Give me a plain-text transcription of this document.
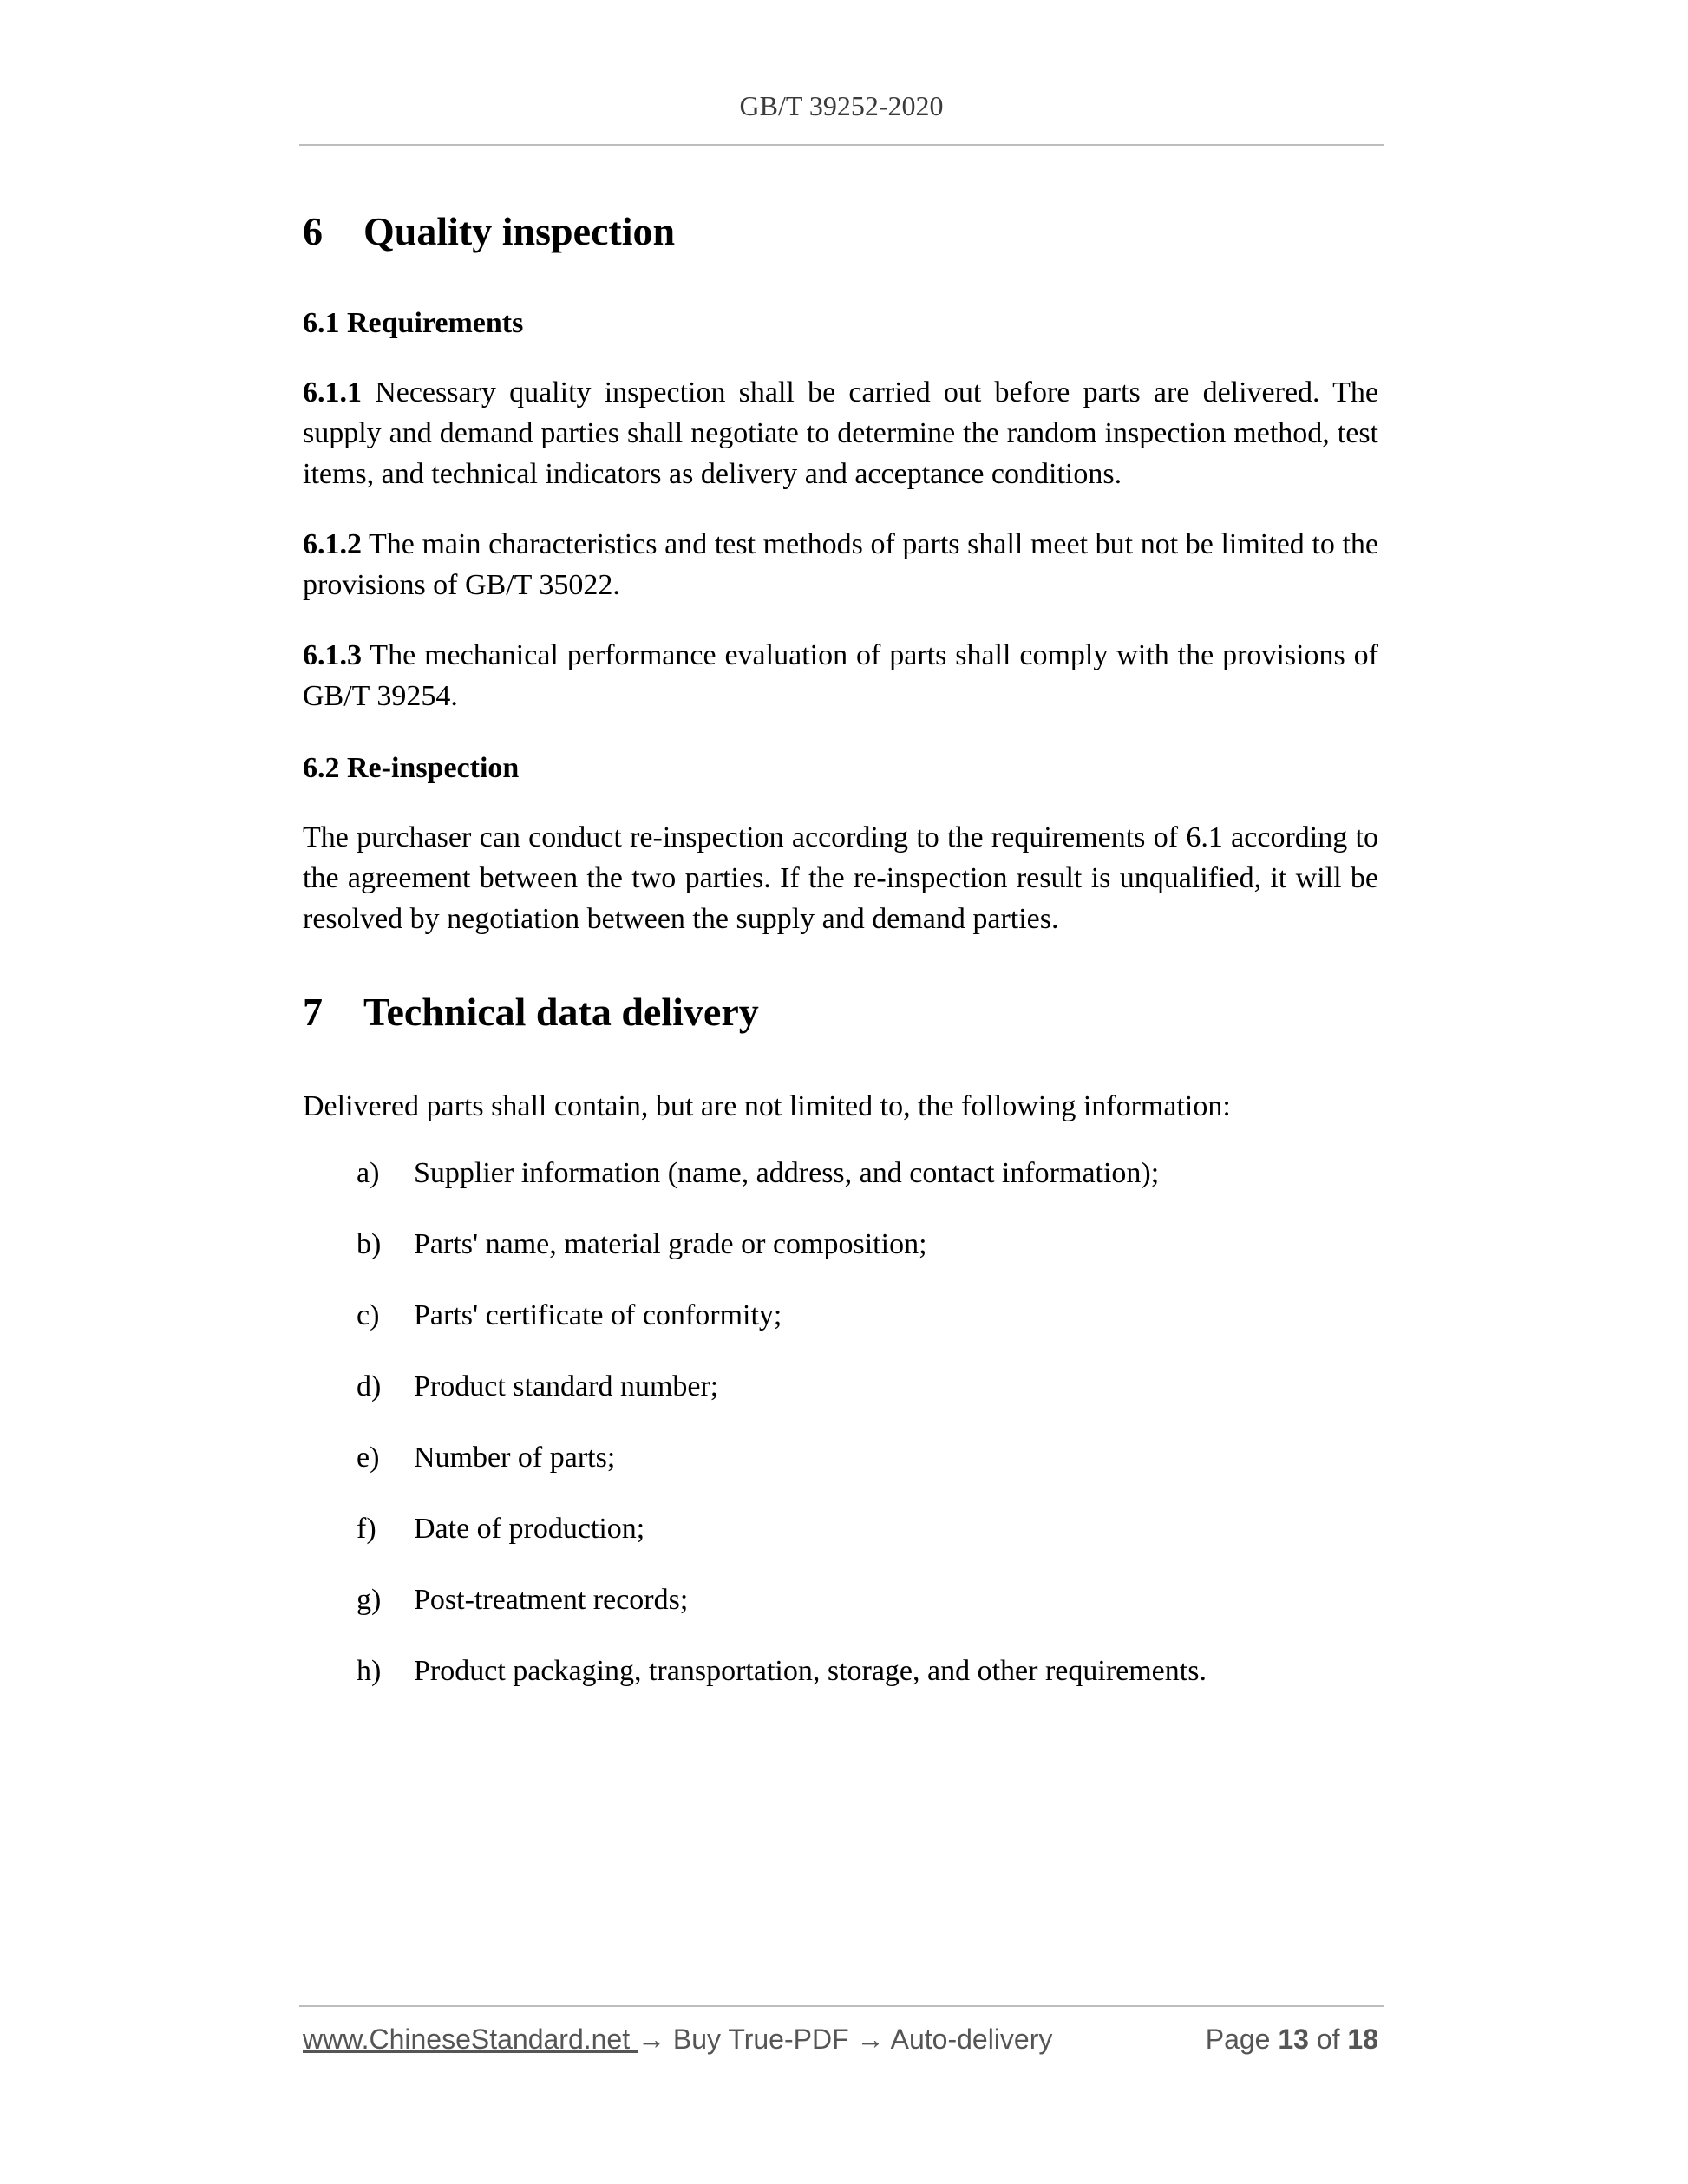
GB/T 39252-2020
6 Quality inspection
6.1 Requirements
6.1.1 Necessary quality inspection shall be carried out before parts are delivered. The supply and demand parties shall negotiate to determine the random inspection method, test items, and technical indicators as delivery and acceptance conditions.
6.1.2 The main characteristics and test methods of parts shall meet but not be limited to the provisions of GB/T 35022.
6.1.3 The mechanical performance evaluation of parts shall comply with the provisions of GB/T 39254.
6.2 Re-inspection
The purchaser can conduct re-inspection according to the requirements of 6.1 according to the agreement between the two parties. If the re-inspection result is unqualified, it will be resolved by negotiation between the supply and demand parties.
7 Technical data delivery
Delivered parts shall contain, but are not limited to, the following information:
a) Supplier information (name, address, and contact information);
b) Parts' name, material grade or composition;
c) Parts' certificate of conformity;
d) Product standard number;
e) Number of parts;
f) Date of production;
g) Post-treatment records;
h) Product packaging, transportation, storage, and other requirements.
www.ChineseStandard.net → Buy True-PDF → Auto-delivery	Page 13 of 18
